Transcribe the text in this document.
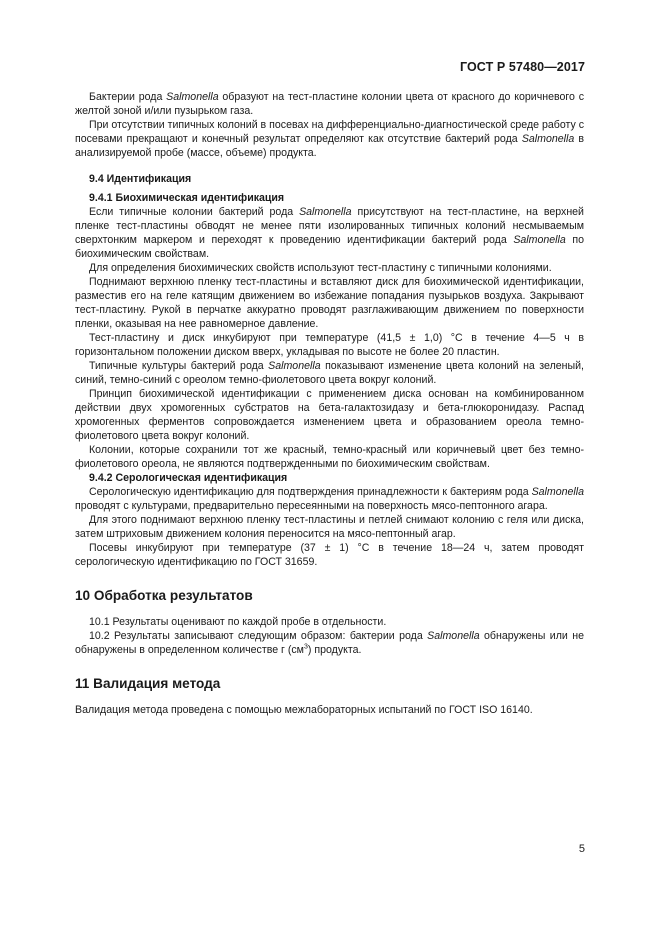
ГОСТ Р 57480—2017

Бактерии рода Salmonella образуют на тест-пластине колонии цвета от красного до коричневого с желтой зоной и/или пузырьком газа.

При отсутствии типичных колоний в посевах на дифференциально-диагностической среде работу с посевами прекращают и конечный результат определяют как отсутствие бактерий рода Salmonella в анализируемой пробе (массе, объеме) продукта.

9.4 Идентификация

9.4.1 Биохимическая идентификация

Если типичные колонии бактерий рода Salmonella присутствуют на тест-пластине, на верхней пленке тест-пластины обводят не менее пяти изолированных типичных колоний несмываемым сверхтонким маркером и переходят к проведению идентификации бактерий рода Salmonella по биохимическим свойствам.

Для определения биохимических свойств используют тест-пластину с типичными колониями.

Поднимают верхнюю пленку тест-пластины и вставляют диск для биохимической идентификации, разместив его на геле катящим движением во избежание попадания пузырьков воздуха. Закрывают тест-пластину. Рукой в перчатке аккуратно проводят разглаживающим движением по поверхности пленки, оказывая на нее равномерное давление.

Тест-пластину и диск инкубируют при температуре (41,5 ± 1,0) °С в течение 4—5 ч в горизонтальном положении диском вверх, укладывая по высоте не более 20 пластин.

Типичные культуры бактерий рода Salmonella показывают изменение цвета колоний на зеленый, синий, темно-синий с ореолом темно-фиолетового цвета вокруг колоний.

Принцип биохимической идентификации с применением диска основан на комбинированном действии двух хромогенных субстратов на бета-галактозидазу и бета-глюкоронидазу. Распад хромогенных ферментов сопровождается изменением цвета и образованием ореола темно-фиолетового цвета вокруг колоний.

Колонии, которые сохранили тот же красный, темно-красный или коричневый цвет без темно-фиолетового ореола, не являются подтвержденными по биохимическим свойствам.

9.4.2 Серологическая идентификация

Серологическую идентификацию для подтверждения принадлежности к бактериям рода Salmonella проводят с культурами, предварительно пересеянными на поверхность мясо-пептонного агара.

Для этого поднимают верхнюю пленку тест-пластины и петлей снимают колонию с геля или диска, затем штриховым движением колония переносится на мясо-пептонный агар.

Посевы инкубируют при температуре (37 ± 1) °С в течение 18—24 ч, затем проводят серологическую идентификацию по ГОСТ 31659.

10 Обработка результатов

10.1 Результаты оценивают по каждой пробе в отдельности.

10.2 Результаты записывают следующим образом: бактерии рода Salmonella обнаружены или не обнаружены в определенном количестве г $(см^3)$ продукта.

11 Валидация метода

Валидация метода проведена с помощью межлабораторных испытаний по ГОСТ ISO 16140.

5
